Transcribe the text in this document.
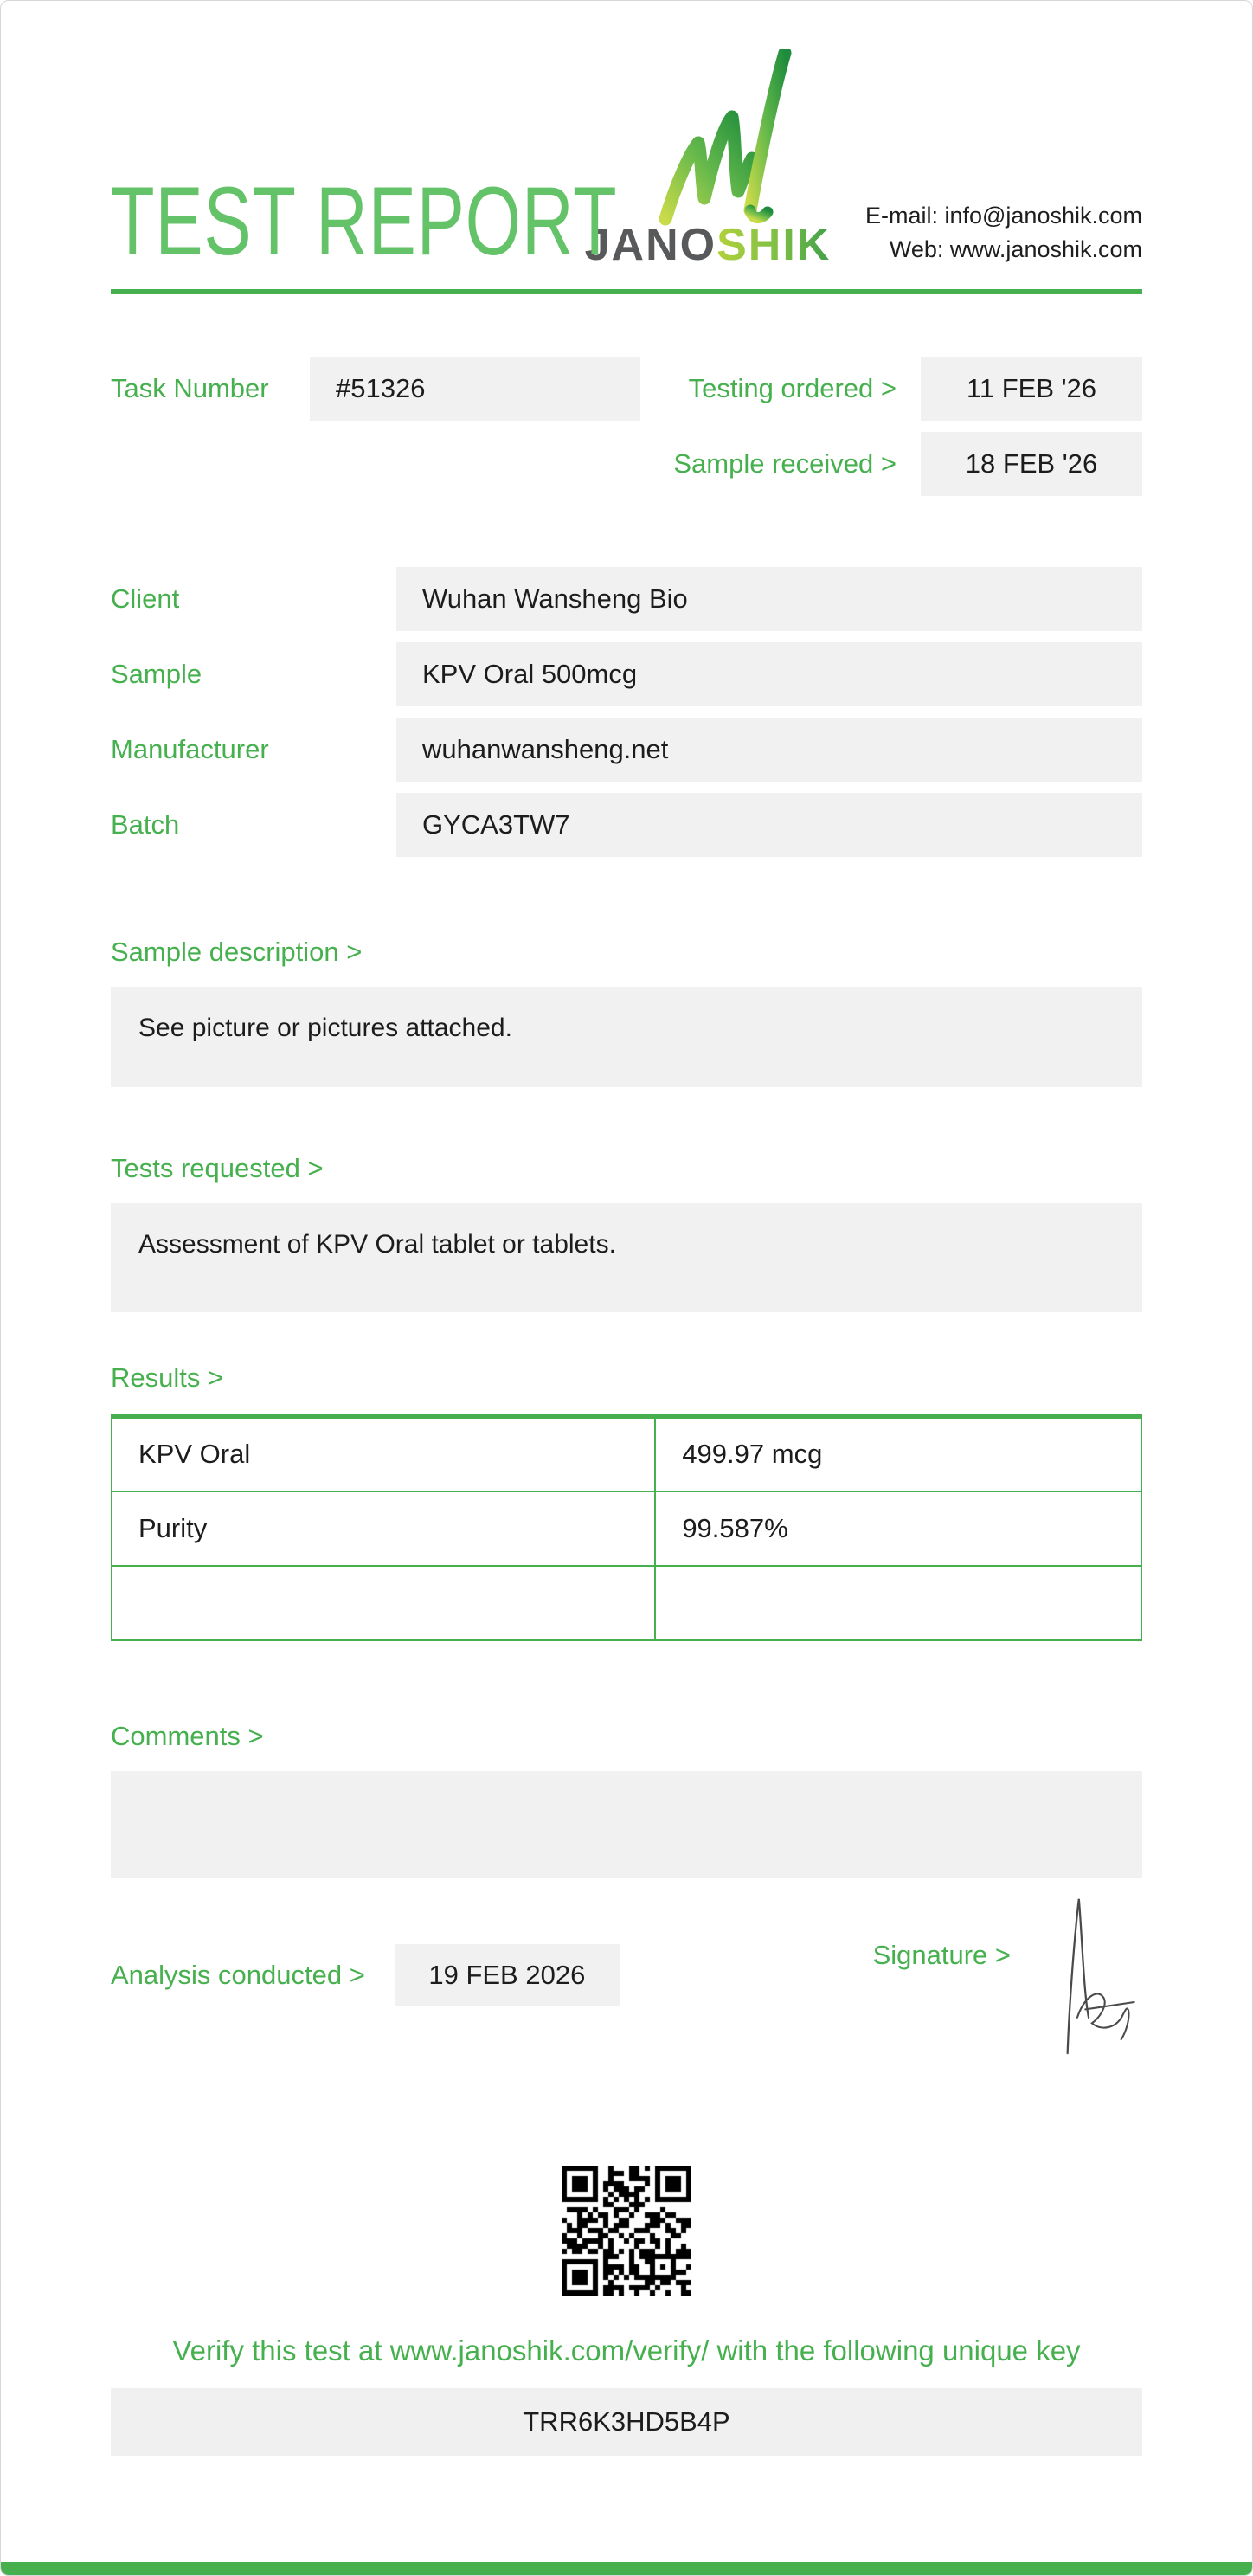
TEST REPORT
JANOSHIK
E-mail: info@janoshik.com
Web: www.janoshik.com
Task Number	#51326	Testing ordered >	11 FEB '26
Sample received >	18 FEB '26
Client	Wuhan Wansheng Bio
Sample	KPV Oral 500mcg
Manufacturer	wuhanwansheng.net
Batch	GYCA3TW7
Sample description >
See picture or pictures attached.
Tests requested >
Assessment of KPV Oral tablet or tablets.
Results >
KPV Oral	499.97 mcg
Purity	99.587%

Comments >
Analysis conducted >	19 FEB 2026
Signature >
Verify this test at www.janoshik.com/verify/ with the following unique key
TRR6K3HD5B4P
